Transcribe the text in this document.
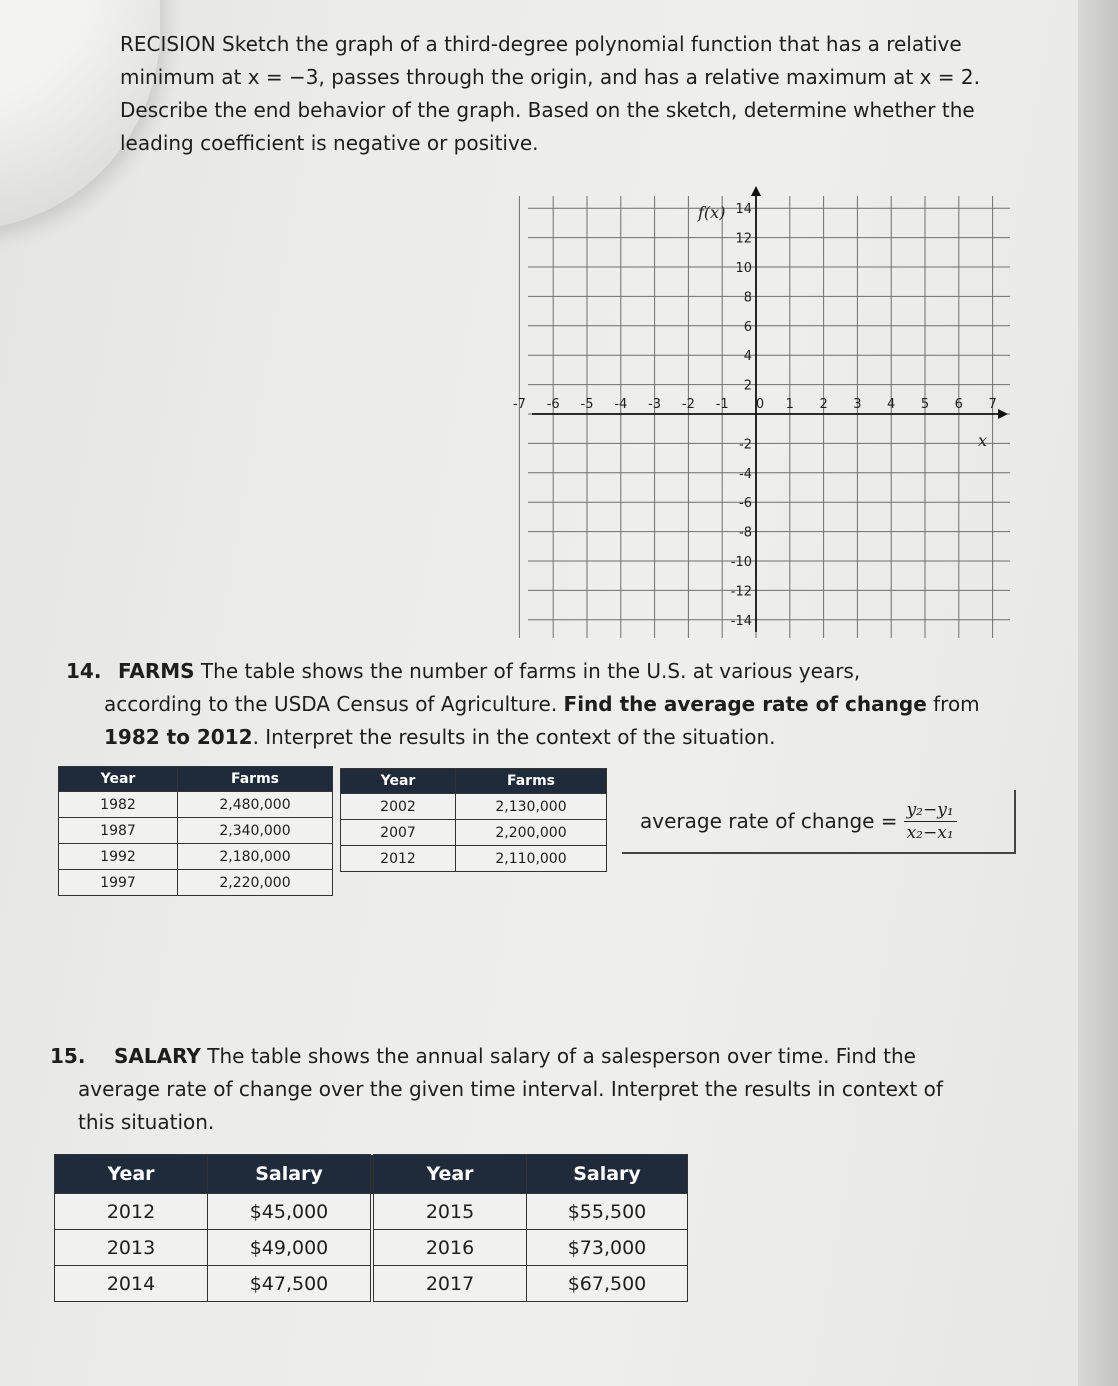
RECISION Sketch the graph of a third-degree polynomial function that has a relative
minimum at x = −3, passes through the origin, and has a relative maximum at x = 2.
Describe the end behavior of the graph. Based on the sketch, determine whether the
leading coefficient is negative or positive.
-7 -6 -5 -4 -3 -2 -1 0 1 2 3 4 5 6 7
14
12
10
8
6
4
2
-2
-4
-6
-8
-10
-12
-14
f(x)
x
14. FARMS The table shows the number of farms in the U.S. at various years,
according to the USDA Census of Agriculture. Find the average rate of change from
1982 to 2012. Interpret the results in the context of the situation.
Year	Farms
1982	2,480,000
1987	2,340,000
1992	2,180,000
1997	2,220,000
Year	Farms
2002	2,130,000
2007	2,200,000
2012	2,110,000
average rate of change = $\frac{\text{y₂−y₁}}{\text{x₂−x₁}}$
15. SALARY The table shows the annual salary of a salesperson over time. Find the
average rate of change over the given time interval. Interpret the results in context of
this situation.
Year	Salary	Year	Salary
2012	$45,000	2015	$55,500
2013	$49,000	2016	$73,000
2014	$47,500	2017	$67,500
